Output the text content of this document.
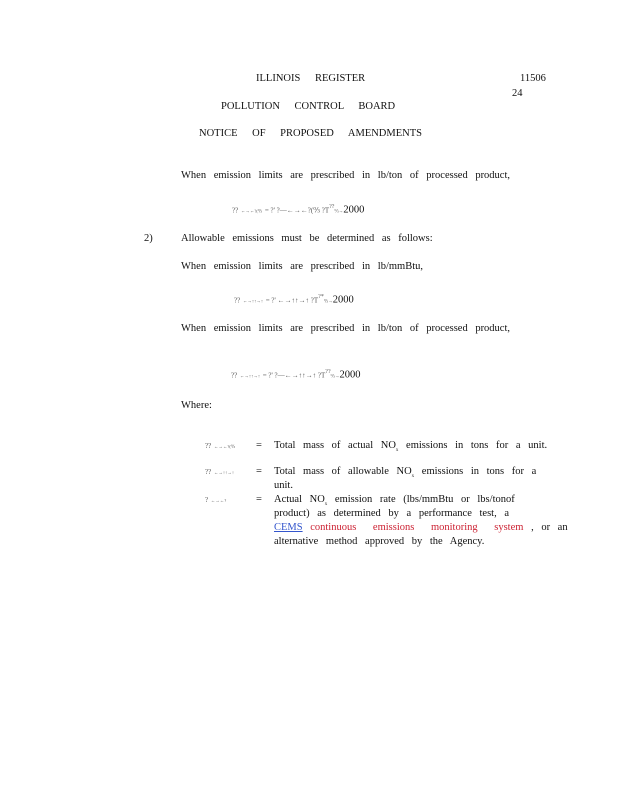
ILLINOIS REGISTER	11506
24
POLLUTION CONTROL BOARD
NOTICE OF PROPOSED AMENDMENTS
When emission limits are prescribed in lb/ton of processed product,
?? ←→←?(↉ = ?' ?—←→←?(↉ ?T??↉→2000
2)	Allowable emissions must be determined as follows:
When emission limits are prescribed in lb/mmBtu,
?? ←→↑↑→↑ = ?' ←→↑↑→↑ ?T?*↉→2000
When emission limits are prescribed in lb/ton of processed product,
?? ←→↑↑→↑ = ?' ?—←→↑↑→↑ ?T??↉→2000
Where:
?? ←→←?(↉ = Total mass of actual $NO_x$ emissions in tons for a unit.
?? ←→↑↑→↑ = Total mass of allowable $NO_x$ emissions in tons for a
unit.
? ←→←?	= Actual $NO_x$ emission rate (lbs/mmBtu or lbs/tonof
product) as determined by a performance test, a
CEMS continuous emissions monitoring system , or an
alternative method approved by the Agency.
